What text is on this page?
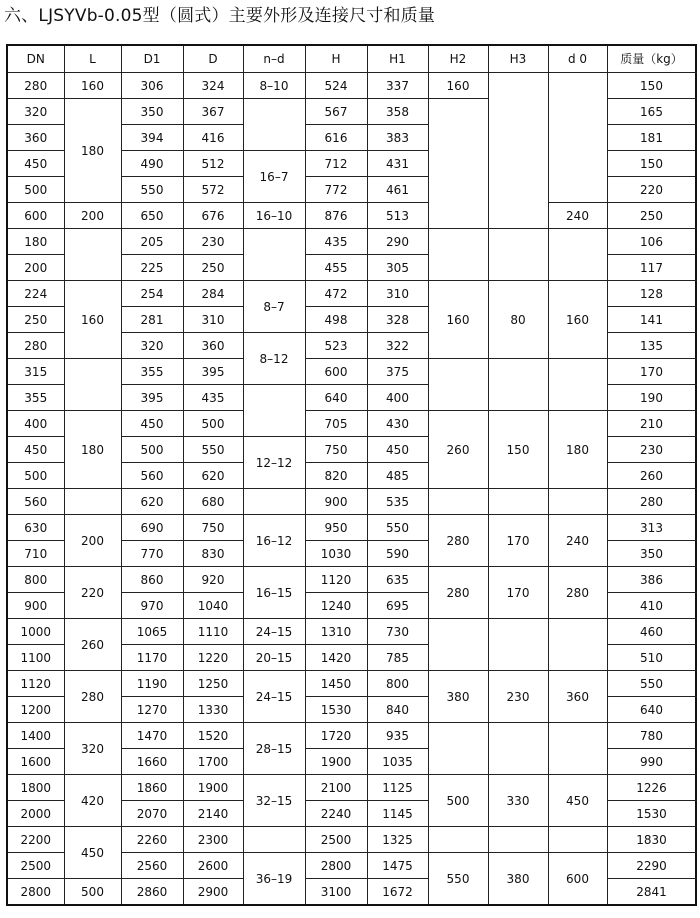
六、LJSYVb-0.05型（圆式）主要外形及连接尺寸和质量
DN	L	D1	D	n–d	H	H1	H2	H3	d 0	质量（kg）	
280	160	306	324	8–10	524	337	160			150	
320	180	350	367		567	358				165	
360		394	416		616	383				181	
450		490	512	16–7	712	431				150		
500		550	572		772	461				220	
600	200	650	676	16–10	876	513			240	250	
180		205	230		435	290				106	
200		225	250		455	305				117	
224	160	254	284	8–7	472	310	160	80	160	128	
250		281	310		498	328				141	
280		320	360	8–12	523	322				135	
315		355	395		600	375				170	
355		395	435		640	400				190	
400	180	450	500		705	430	260	150	180	210	
450		500	550	12–12	750	450				230	
500		560	620		820	485				260	
560		620	680		900	535				280	
630	200	690	750	16–12	950	550	280	170	240	313	
710		770	830		1030	590				350	
800	220	860	920	16–15	1120	635	280	170	280	386	
900		970	1040		1240	695				410	
1000	260	1065	1110	24–15	1310	730				460	
1100		1170	1220	20–15	1420	785				510	
1120	280	1190	1250	24–15	1450	800	380	230	360	550	
1200		1270	1330		1530	840				640	
1400	320	1470	1520	28–15	1720	935				780	
1600		1660	1700		1900	1035				990	
1800	420	1860	1900	32–15	2100	1125	500	330	450	1226	
2000		2070	2140		2240	1145				1530	
2200	450	2260	2300		2500	1325				1830	
2500		2560	2600	36–19	2800	1475	550	380	600	2290	
2800	500	2860	2900		3100	1672				2841	
